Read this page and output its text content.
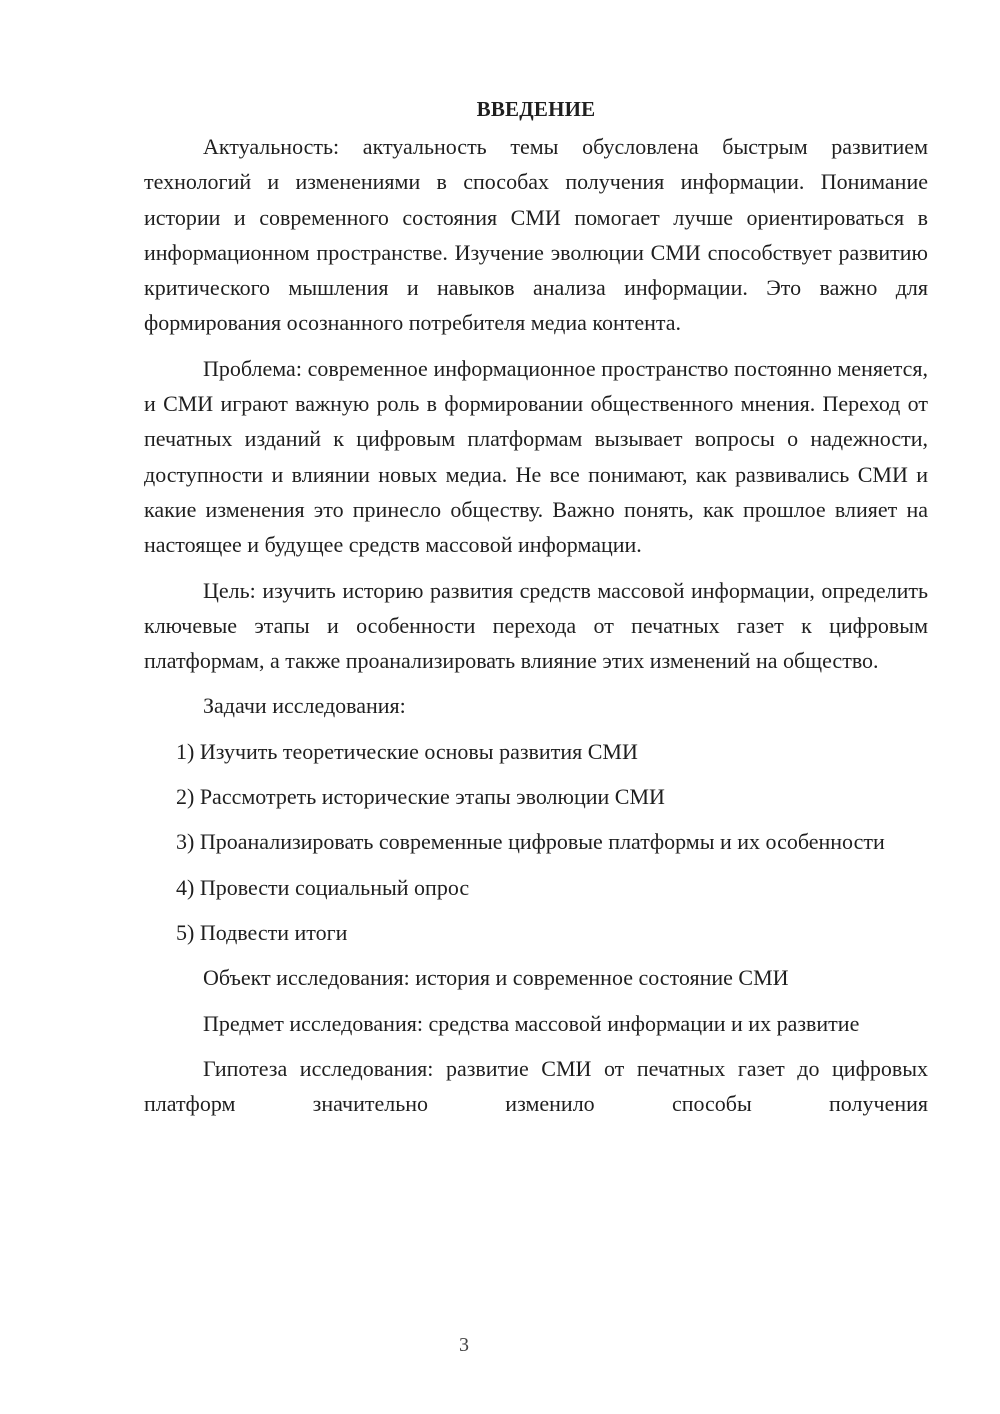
ВВЕДЕНИЕ

Актуальность: актуальность темы обусловлена быстрым развитием технологий и изменениями в способах получения информации. Понимание истории и современного состояния СМИ помогает лучше ориентироваться в информационном пространстве. Изучение эволюции СМИ способствует развитию критического мышления и навыков анализа информации. Это важно для формирования осознанного потребителя медиа контента.

Проблема: современное информационное пространство постоянно меняется, и СМИ играют важную роль в формировании общественного мнения. Переход от печатных изданий к цифровым платформам вызывает вопросы о надежности, доступности и влиянии новых медиа. Не все понимают, как развивались СМИ и какие изменения это принесло обществу. Важно понять, как прошлое влияет на настоящее и будущее средств массовой информации.

Цель: изучить историю развития средств массовой информации, определить ключевые этапы и особенности перехода от печатных газет к цифровым платформам, а также проанализировать влияние этих изменений на общество.

Задачи исследования:

1) Изучить теоретические основы развития СМИ

2) Рассмотреть исторические этапы эволюции СМИ

3) Проанализировать современные цифровые платформы и их особенности

4) Провести социальный опрос

5) Подвести итоги

Объект исследования: история и современное состояние СМИ

Предмет исследования: средства массовой информации и их развитие

Гипотеза исследования: развитие СМИ от печатных газет до цифровых платформ значительно изменило способы получения

3
